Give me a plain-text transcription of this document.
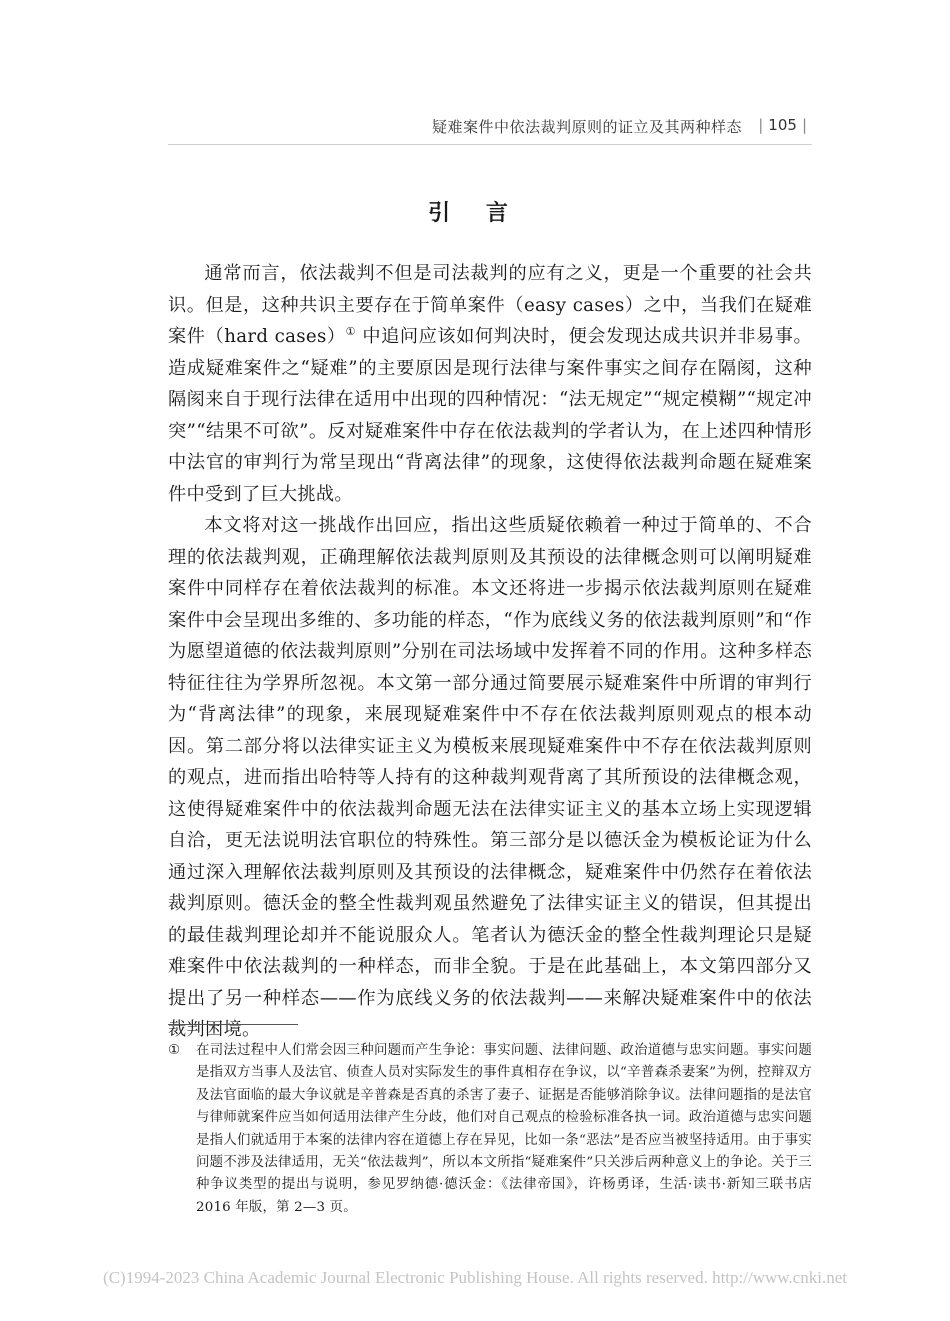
疑难案件中依法裁判原则的证立及其两种样态	| 105 |
引 言

通常而言，依法裁判不但是司法裁判的应有之义，更是一个重要的社会共识。但是，这种共识主要存在于简单案件（easy cases）之中，当我们在疑难案件（hard cases）① 中追问应该如何判决时，便会发现达成共识并非易事。造成疑难案件之“疑难”的主要原因是现行法律与案件事实之间存在隔阂，这种隔阂来自于现行法律在适用中出现的四种情况：“法无规定”“规定模糊”“规定冲突”“结果不可欲”。反对疑难案件中存在依法裁判的学者认为，在上述四种情形中法官的审判行为常呈现出“背离法律”的现象，这使得依法裁判命题在疑难案件中受到了巨大挑战。

本文将对这一挑战作出回应，指出这些质疑依赖着一种过于简单的、不合理的依法裁判观，正确理解依法裁判原则及其预设的法律概念则可以阐明疑难案件中同样存在着依法裁判的标准。本文还将进一步揭示依法裁判原则在疑难案件中会呈现出多维的、多功能的样态，“作为底线义务的依法裁判原则”和“作为愿望道德的依法裁判原则”分别在司法场域中发挥着不同的作用。这种多样态特征往往为学界所忽视。本文第一部分通过简要展示疑难案件中所谓的审判行为“背离法律”的现象，来展现疑难案件中不存在依法裁判原则观点的根本动因。第二部分将以法律实证主义为模板来展现疑难案件中不存在依法裁判原则的观点，进而指出哈特等人持有的这种裁判观背离了其所预设的法律概念观，这使得疑难案件中的依法裁判命题无法在法律实证主义的基本立场上实现逻辑自洽，更无法说明法官职位的特殊性。第三部分是以德沃金为模板论证为什么通过深入理解依法裁判原则及其预设的法律概念，疑难案件中仍然存在着依法裁判原则。德沃金的整全性裁判观虽然避免了法律实证主义的错误，但其提出的最佳裁判理论却并不能说服众人。笔者认为德沃金的整全性裁判理论只是疑难案件中依法裁判的一种样态，而非全貌。于是在此基础上，本文第四部分又提出了另一种样态——作为底线义务的依法裁判——来解决疑难案件中的依法裁判困境。

①	在司法过程中人们常会因三种问题而产生争论：事实问题、法律问题、政治道德与忠实问题。事实问题是指双方当事人及法官、侦查人员对实际发生的事件真相存在争议，以“辛普森杀妻案”为例，控辩双方及法官面临的最大争议就是辛普森是否真的杀害了妻子、证据是否能够消除争议。法律问题指的是法官与律师就案件应当如何适用法律产生分歧，他们对自己观点的检验标准各执一词。政治道德与忠实问题是指人们就适用于本案的法律内容在道德上存在异见，比如一条“恶法”是否应当被坚持适用。由于事实问题不涉及法律适用，无关“依法裁判”，所以本文所指“疑难案件”只关涉后两种意义上的争论。关于三种争议类型的提出与说明，参见罗纳德·德沃金：《法律帝国》，许杨勇译，生活·读书·新知三联书店 2016 年版，第 2—3 页。
(C)1994-2023 China Academic Journal Electronic Publishing House. All rights reserved. http://www.cnki.net
